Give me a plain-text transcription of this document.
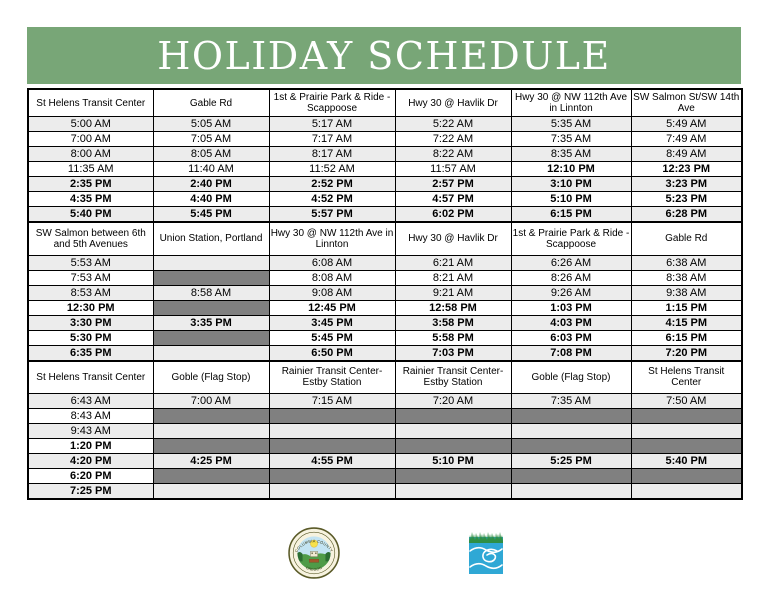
HOLIDAY SCHEDULE
St Helens Transit Center	Gable Rd	1st & Prairie Park & Ride - Scappoose	Hwy 30 @ Havlik Dr	Hwy 30 @ NW 112th Ave in Linnton	SW Salmon St/SW 14th Ave
5:00 AM	5:05 AM	5:17 AM	5:22 AM	5:35 AM	5:49 AM
7:00 AM	7:05 AM	7:17 AM	7:22 AM	7:35 AM	7:49 AM
8:00 AM	8:05 AM	8:17 AM	8:22 AM	8:35 AM	8:49 AM
11:35 AM	11:40 AM	11:52 AM	11:57 AM	12:10 PM	12:23 PM
2:35 PM	2:40 PM	2:52 PM	2:57 PM	3:10 PM	3:23 PM
4:35 PM	4:40 PM	4:52 PM	4:57 PM	5:10 PM	5:23 PM
5:40 PM	5:45 PM	5:57 PM	6:02 PM	6:15 PM	6:28 PM
SW Salmon between 6th and 5th Avenues	Union Station, Portland	Hwy 30 @ NW 112th Ave in Linnton	Hwy 30 @ Havlik Dr	1st & Prairie Park & Ride - Scappoose	Gable Rd
5:53 AM		6:08 AM	6:21 AM	6:26 AM	6:38 AM
7:53 AM		8:08 AM	8:21 AM	8:26 AM	8:38 AM
8:53 AM	8:58 AM	9:08 AM	9:21 AM	9:26 AM	9:38 AM
12:30 PM		12:45 PM	12:58 PM	1:03 PM	1:15 PM
3:30 PM	3:35 PM	3:45 PM	3:58 PM	4:03 PM	4:15 PM
5:30 PM		5:45 PM	5:58 PM	6:03 PM	6:15 PM
6:35 PM		6:50 PM	7:03 PM	7:08 PM	7:20 PM
St Helens Transit Center	Goble (Flag Stop)	Rainier Transit Center- Estby Station	Rainier Transit Center- Estby Station	Goble (Flag Stop)	St Helens Transit Center
6:43 AM	7:00 AM	7:15 AM	7:20 AM	7:35 AM	7:50 AM
8:43 AM					
9:43 AM					
1:20 PM					
4:20 PM	4:25 PM	4:55 PM	5:10 PM	5:25 PM	5:40 PM
6:20 PM					
7:25 PM					
COLUMBIA COUNTY
OREGON
